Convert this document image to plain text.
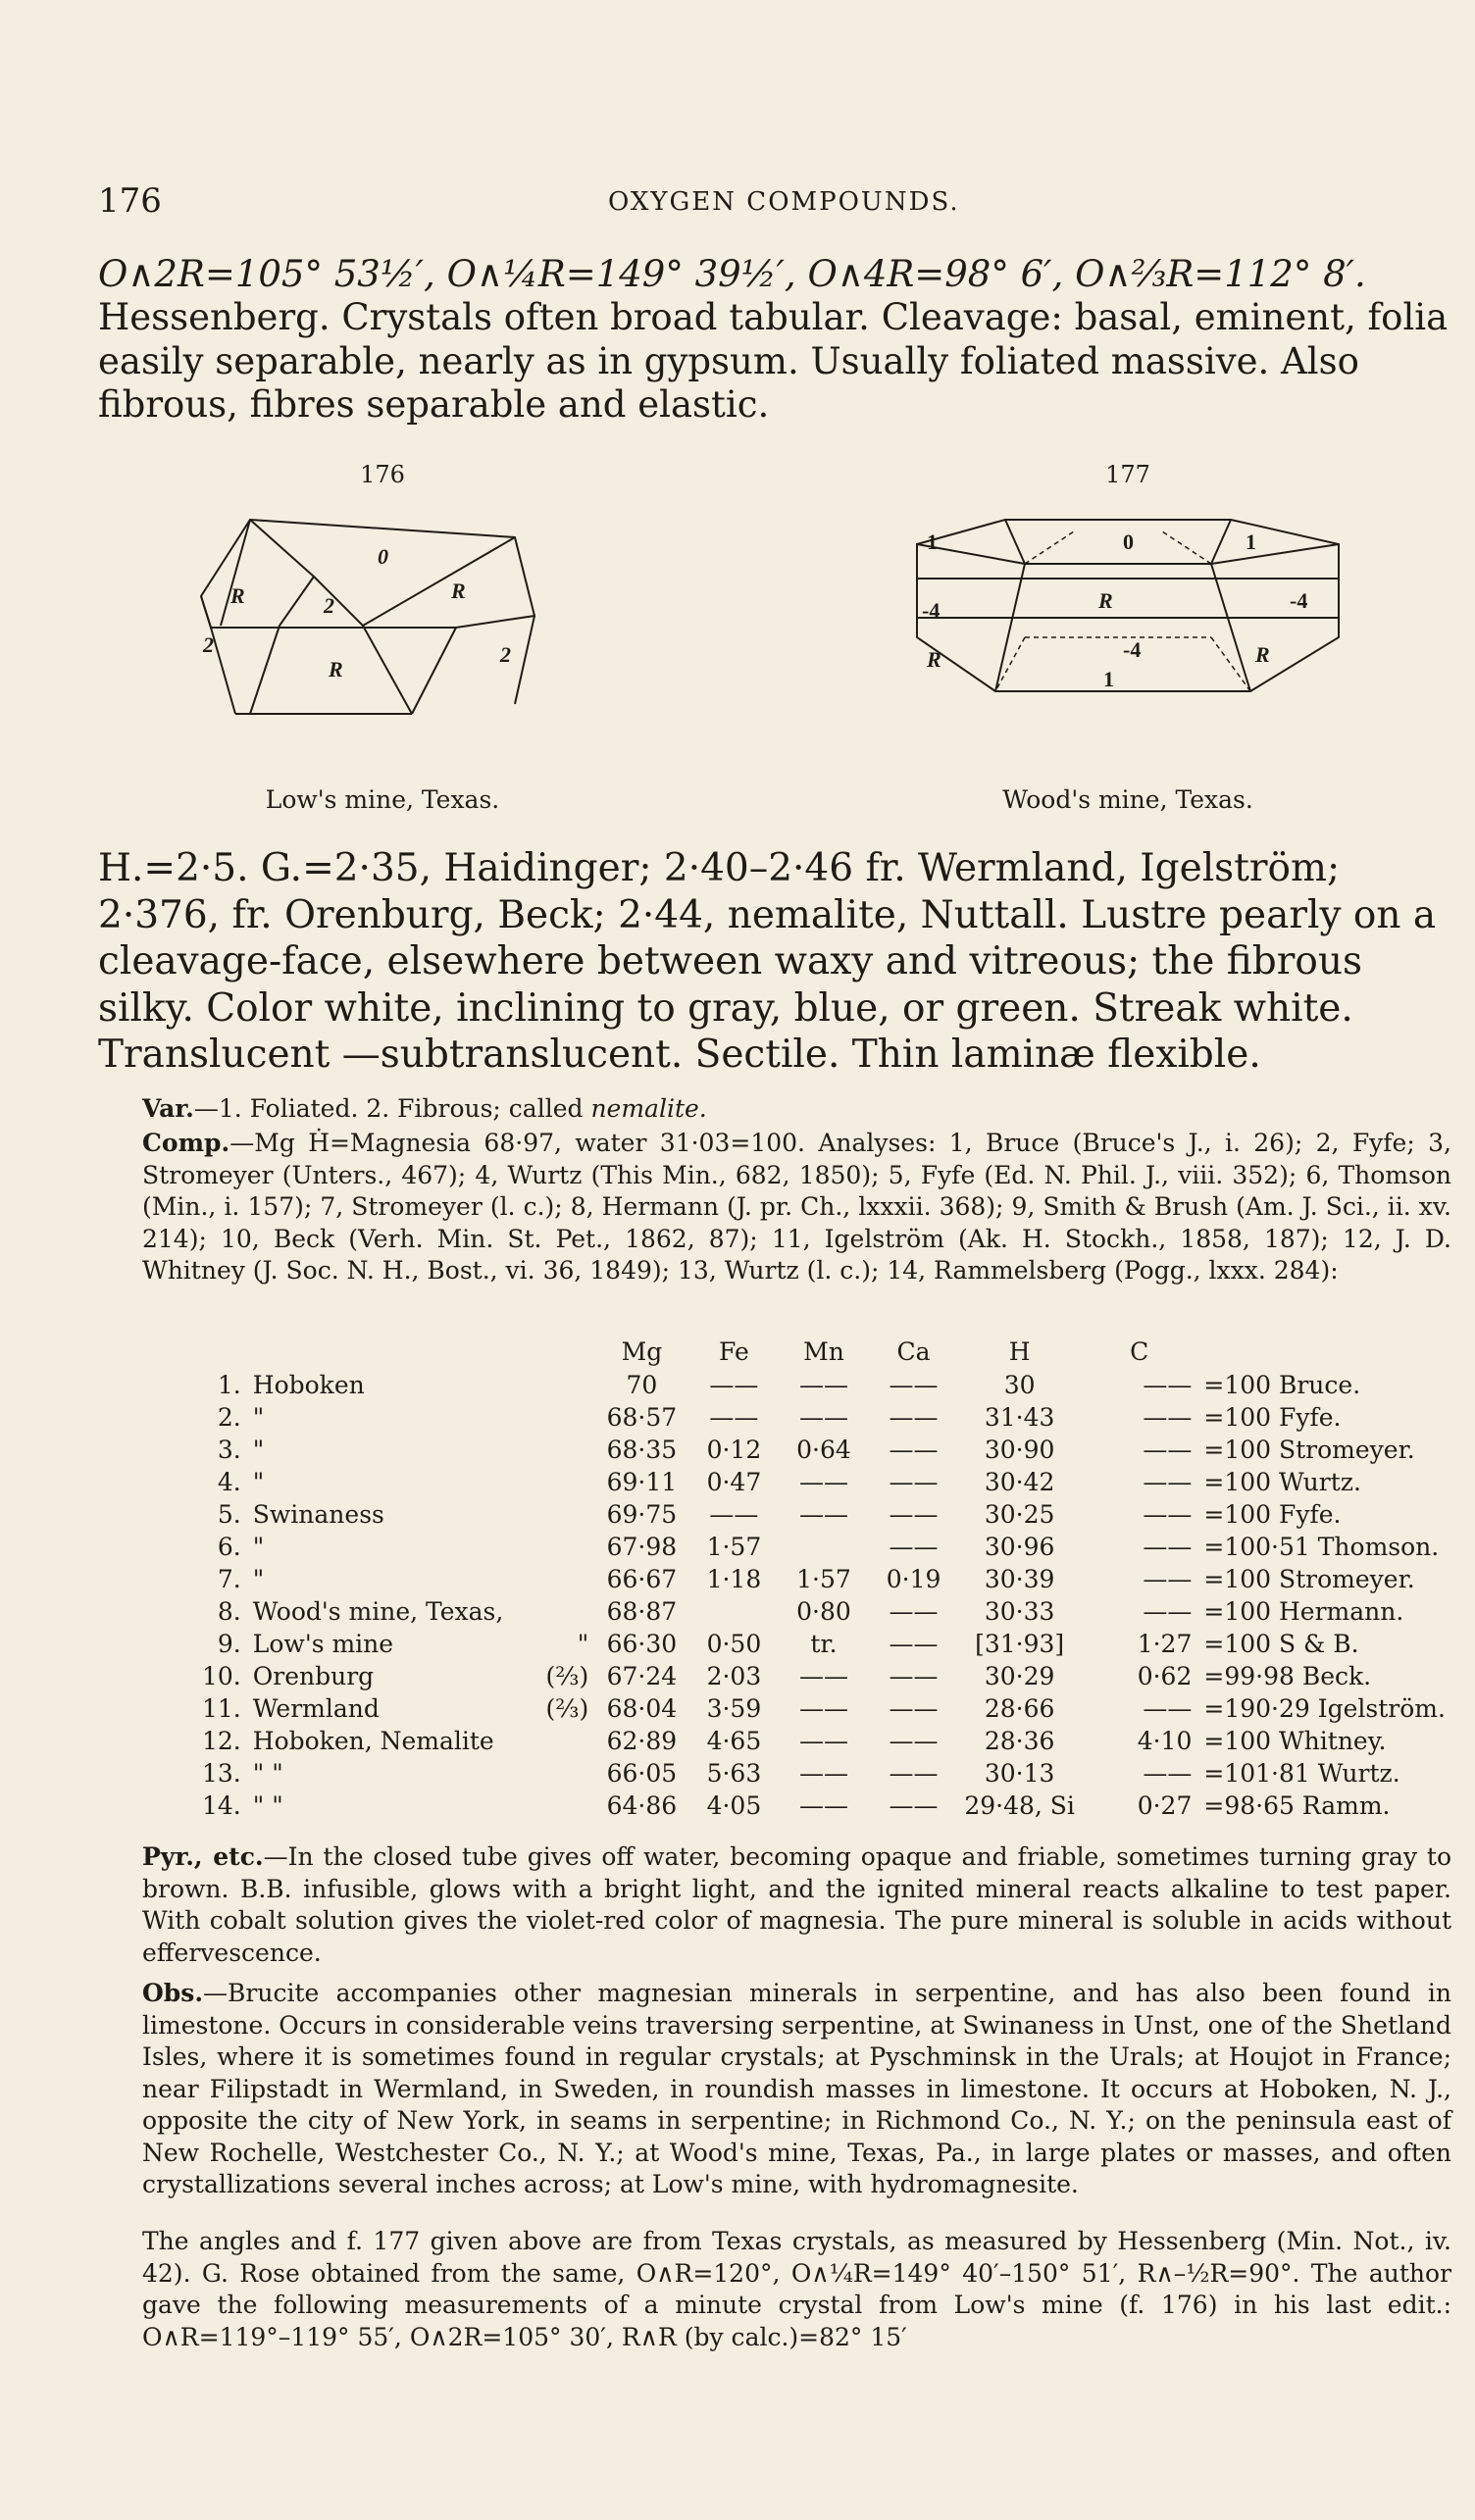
176	OXYGEN COMPOUNDS.
O∧2R=105° 53½′, O∧¼R=149° 39½′, O∧4R=98° 6′, O∧⅔R=112° 8′. Hessenberg. Crystals often broad tabular. Cleavage: basal, eminent, folia easily separable, nearly as in gypsum. Usually foliated massive. Also fibrous, fibres separable and elastic.
176
0
R	2
R
2
R
2
Low's mine, Texas.
177
1	0	1
-4	R	-4
-4	R
1
R
Wood's mine, Texas.
H.=2·5. G.=2·35, Haidinger; 2·40–2·46 fr. Wermland, Igelström; 2·376, fr. Orenburg, Beck; 2·44, nemalite, Nuttall. Lustre pearly on a cleavage-face, elsewhere between waxy and vitreous; the fibrous silky. Color white, inclining to gray, blue, or green. Streak white. Translucent —subtranslucent. Sectile. Thin laminæ flexible.
Var.—1. Foliated. 2. Fibrous; called nemalite.
Comp.—Mg Ḣ=Magnesia 68·97, water 31·03=100. Analyses: 1, Bruce (Bruce's J., i. 26); 2, Fyfe; 3, Stromeyer (Unters., 467); 4, Wurtz (This Min., 682, 1850); 5, Fyfe (Ed. N. Phil. J., viii. 352); 6, Thomson (Min., i. 157); 7, Stromeyer (l. c.); 8, Hermann (J. pr. Ch., lxxxii. 368); 9, Smith & Brush (Am. J. Sci., ii. xv. 214); 10, Beck (Verh. Min. St. Pet., 1862, 87); 11, Igelström (Ak. H. Stockh., 1858, 187); 12, J. D. Whitney (J. Soc. N. H., Bost., vi. 36, 1849); 13, Wurtz (l. c.); 14, Rammelsberg (Pogg., lxxx. 284):
			Mg	Fe	Mn	Ca	H	C	
1.	Hoboken		70	——	——	——	30	——	=100 Bruce.
2.	"		68·57	——	——	——	31·43	——	=100 Fyfe.
3.	"		68·35	0·12	0·64	——	30·90	——	=100 Stromeyer.
4.	"		69·11	0·47	——	——	30·42	——	=100 Wurtz.
5.	Swinaness		69·75	——	——	——	30·25	——	=100 Fyfe.
6.	"		67·98	1·57		——	30·96	——	=100·51 Thomson.
7.	"		66·67	1·18	1·57	0·19	30·39	——	=100 Stromeyer.
8.	Wood's mine, Texas,		68·87		0·80	——	30·33	——	=100 Hermann.
9.	Low's mine	"	66·30	0·50	tr.	——	[31·93]	1·27	=100 S & B.
10.	Orenburg	(⅔)	67·24	2·03	——	——	30·29	0·62	=99·98 Beck.
11.	Wermland	(⅔)	68·04	3·59	——	——	28·66	——	=190·29 Igelström.
12.	Hoboken, Nemalite		62·89	4·65	——	——	28·36	4·10	=100 Whitney.
13.	" "		66·05	5·63	——	——	30·13	——	=101·81 Wurtz.
14.	" "		64·86	4·05	——	——	29·48, Si	0·27	=98·65 Ramm.
Pyr., etc.—In the closed tube gives off water, becoming opaque and friable, sometimes turning gray to brown. B.B. infusible, glows with a bright light, and the ignited mineral reacts alkaline to test paper. With cobalt solution gives the violet-red color of magnesia. The pure mineral is soluble in acids without effervescence.
Obs.—Brucite accompanies other magnesian minerals in serpentine, and has also been found in limestone. Occurs in considerable veins traversing serpentine, at Swinaness in Unst, one of the Shetland Isles, where it is sometimes found in regular crystals; at Pyschminsk in the Urals; at Houjot in France; near Filipstadt in Wermland, in Sweden, in roundish masses in limestone. It occurs at Hoboken, N. J., opposite the city of New York, in seams in serpentine; in Richmond Co., N. Y.; on the peninsula east of New Rochelle, Westchester Co., N. Y.; at Wood's mine, Texas, Pa., in large plates or masses, and often crystallizations several inches across; at Low's mine, with hydromagnesite.
The angles and f. 177 given above are from Texas crystals, as measured by Hessenberg (Min. Not., iv. 42). G. Rose obtained from the same, O∧R=120°, O∧¼R=149° 40′–150° 51′, R∧–½R=90°. The author gave the following measurements of a minute crystal from Low's mine (f. 176) in his last edit.: O∧R=119°–119° 55′, O∧2R=105° 30′, R∧R (by calc.)=82° 15′
